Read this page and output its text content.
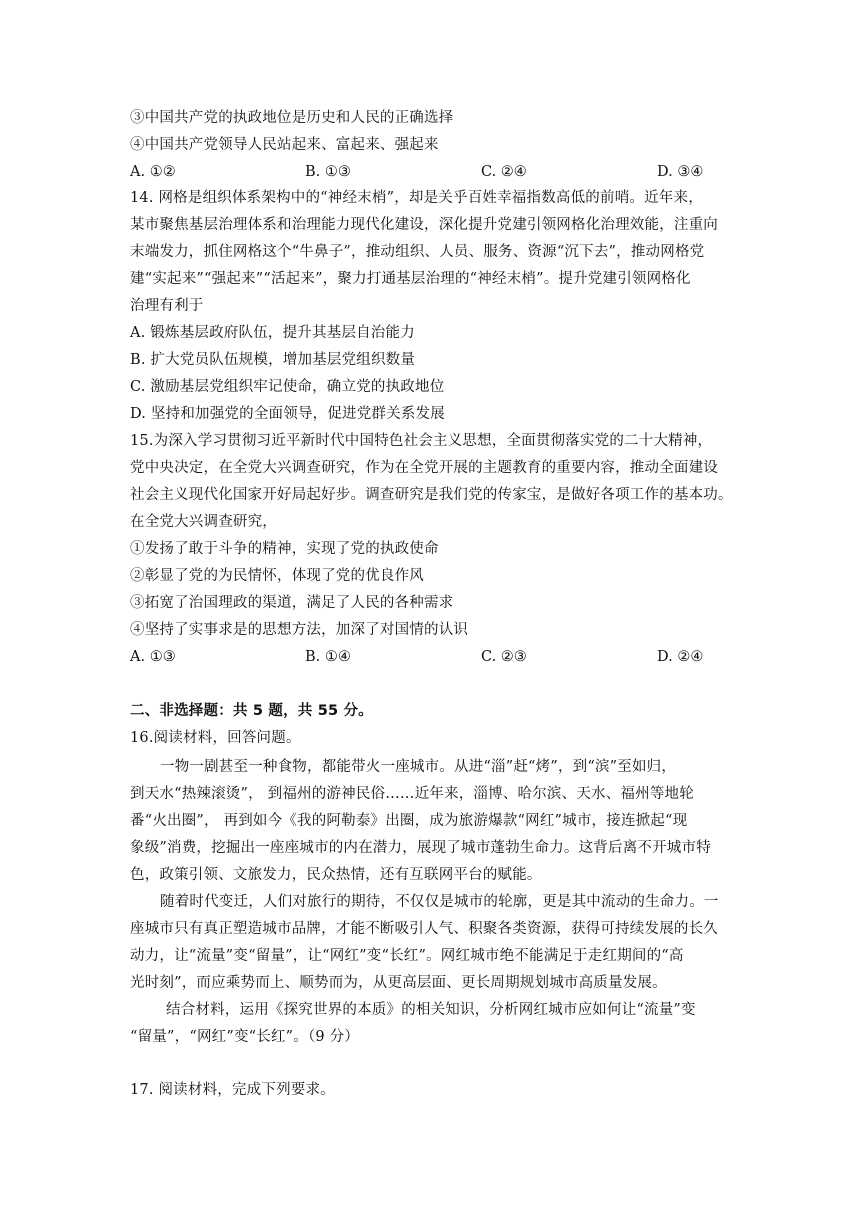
③中国共产党的执政地位是历史和人民的正确选择
④中国共产党领导人民站起来、富起来、强起来
A. ①②	B. ①③	C. ②④	D. ③④
14. 网格是组织体系架构中的“神经末梢”，却是关乎百姓幸福指数高低的前哨。近年来，
某市聚焦基层治理体系和治理能力现代化建设，深化提升党建引领网格化治理效能，注重向
末端发力，抓住网格这个“牛鼻子”，推动组织、人员、服务、资源“沉下去”，推动网格党
建“实起来”“强起来”“活起来”，聚力打通基层治理的“神经末梢”。提升党建引领网格化
治理有利于
A. 锻炼基层政府队伍，提升其基层自治能力
B. 扩大党员队伍规模，增加基层党组织数量
C. 激励基层党组织牢记使命，确立党的执政地位
D. 坚持和加强党的全面领导，促进党群关系发展
15.为深入学习贯彻习近平新时代中国特色社会主义思想，全面贯彻落实党的二十大精神，
党中央决定，在全党大兴调查研究，作为在全党开展的主题教育的重要内容，推动全面建设
社会主义现代化国家开好局起好步。调查研究是我们党的传家宝，是做好各项工作的基本功。
在全党大兴调查研究，
①发扬了敢于斗争的精神，实现了党的执政使命
②彰显了党的为民情怀，体现了党的优良作风
③拓宽了治国理政的渠道，满足了人民的各种需求
④坚持了实事求是的思想方法，加深了对国情的认识
A. ①③	B. ①④	C. ②③	D. ②④
二、非选择题：共 5 题，共 55 分。
16.阅读材料，回答问题。
一物一剧甚至一种食物，都能带火一座城市。从进“淄”赶“烤”，到“滨”至如归，
到天水“热辣滚烫”， 到福州的游神民俗……近年来，淄博、哈尔滨、天水、福州等地轮
番“火出圈”， 再到如今《我的阿勒泰》出圈，成为旅游爆款“网红”城市，接连掀起“现
象级”消费，挖掘出一座座城市的内在潜力，展现了城市蓬勃生命力。这背后离不开城市特
色，政策引领、文旅发力，民众热情，还有互联网平台的赋能。
随着时代变迁，人们对旅行的期待，不仅仅是城市的轮廓，更是其中流动的生命力。一
座城市只有真正塑造城市品牌，才能不断吸引人气、积聚各类资源，获得可持续发展的长久
动力，让“流量”变“留量”，让“网红”变“长红”。网红城市绝不能满足于走红期间的“高
光时刻”，而应乘势而上、顺势而为，从更高层面、更长周期规划城市高质量发展。
结合材料，运用《探究世界的本质》的相关知识，分析网红城市应如何让“流量”变
“留量”，“网红”变“长红”。（9 分）
17. 阅读材料，完成下列要求。
